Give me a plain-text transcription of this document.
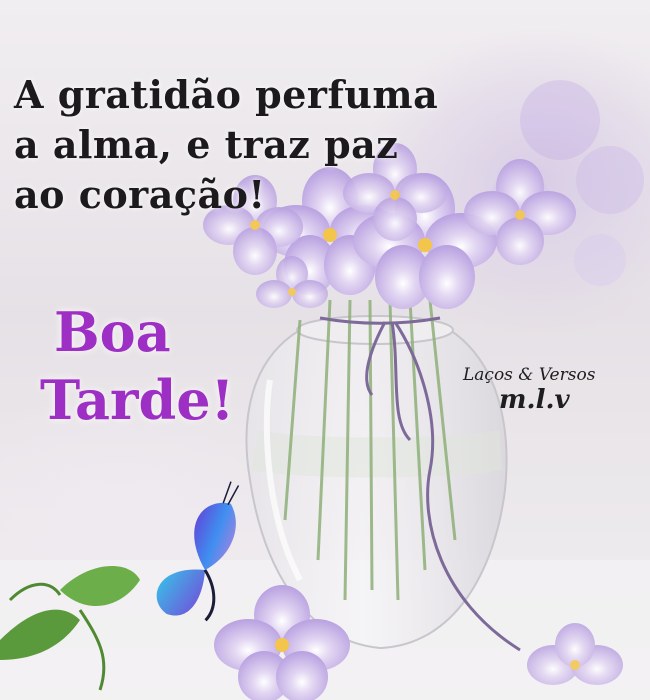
A gratidão perfuma
a alma, e traz paz
ao coração!

Boa
Tarde!	Laços & Versos
m.l.v
